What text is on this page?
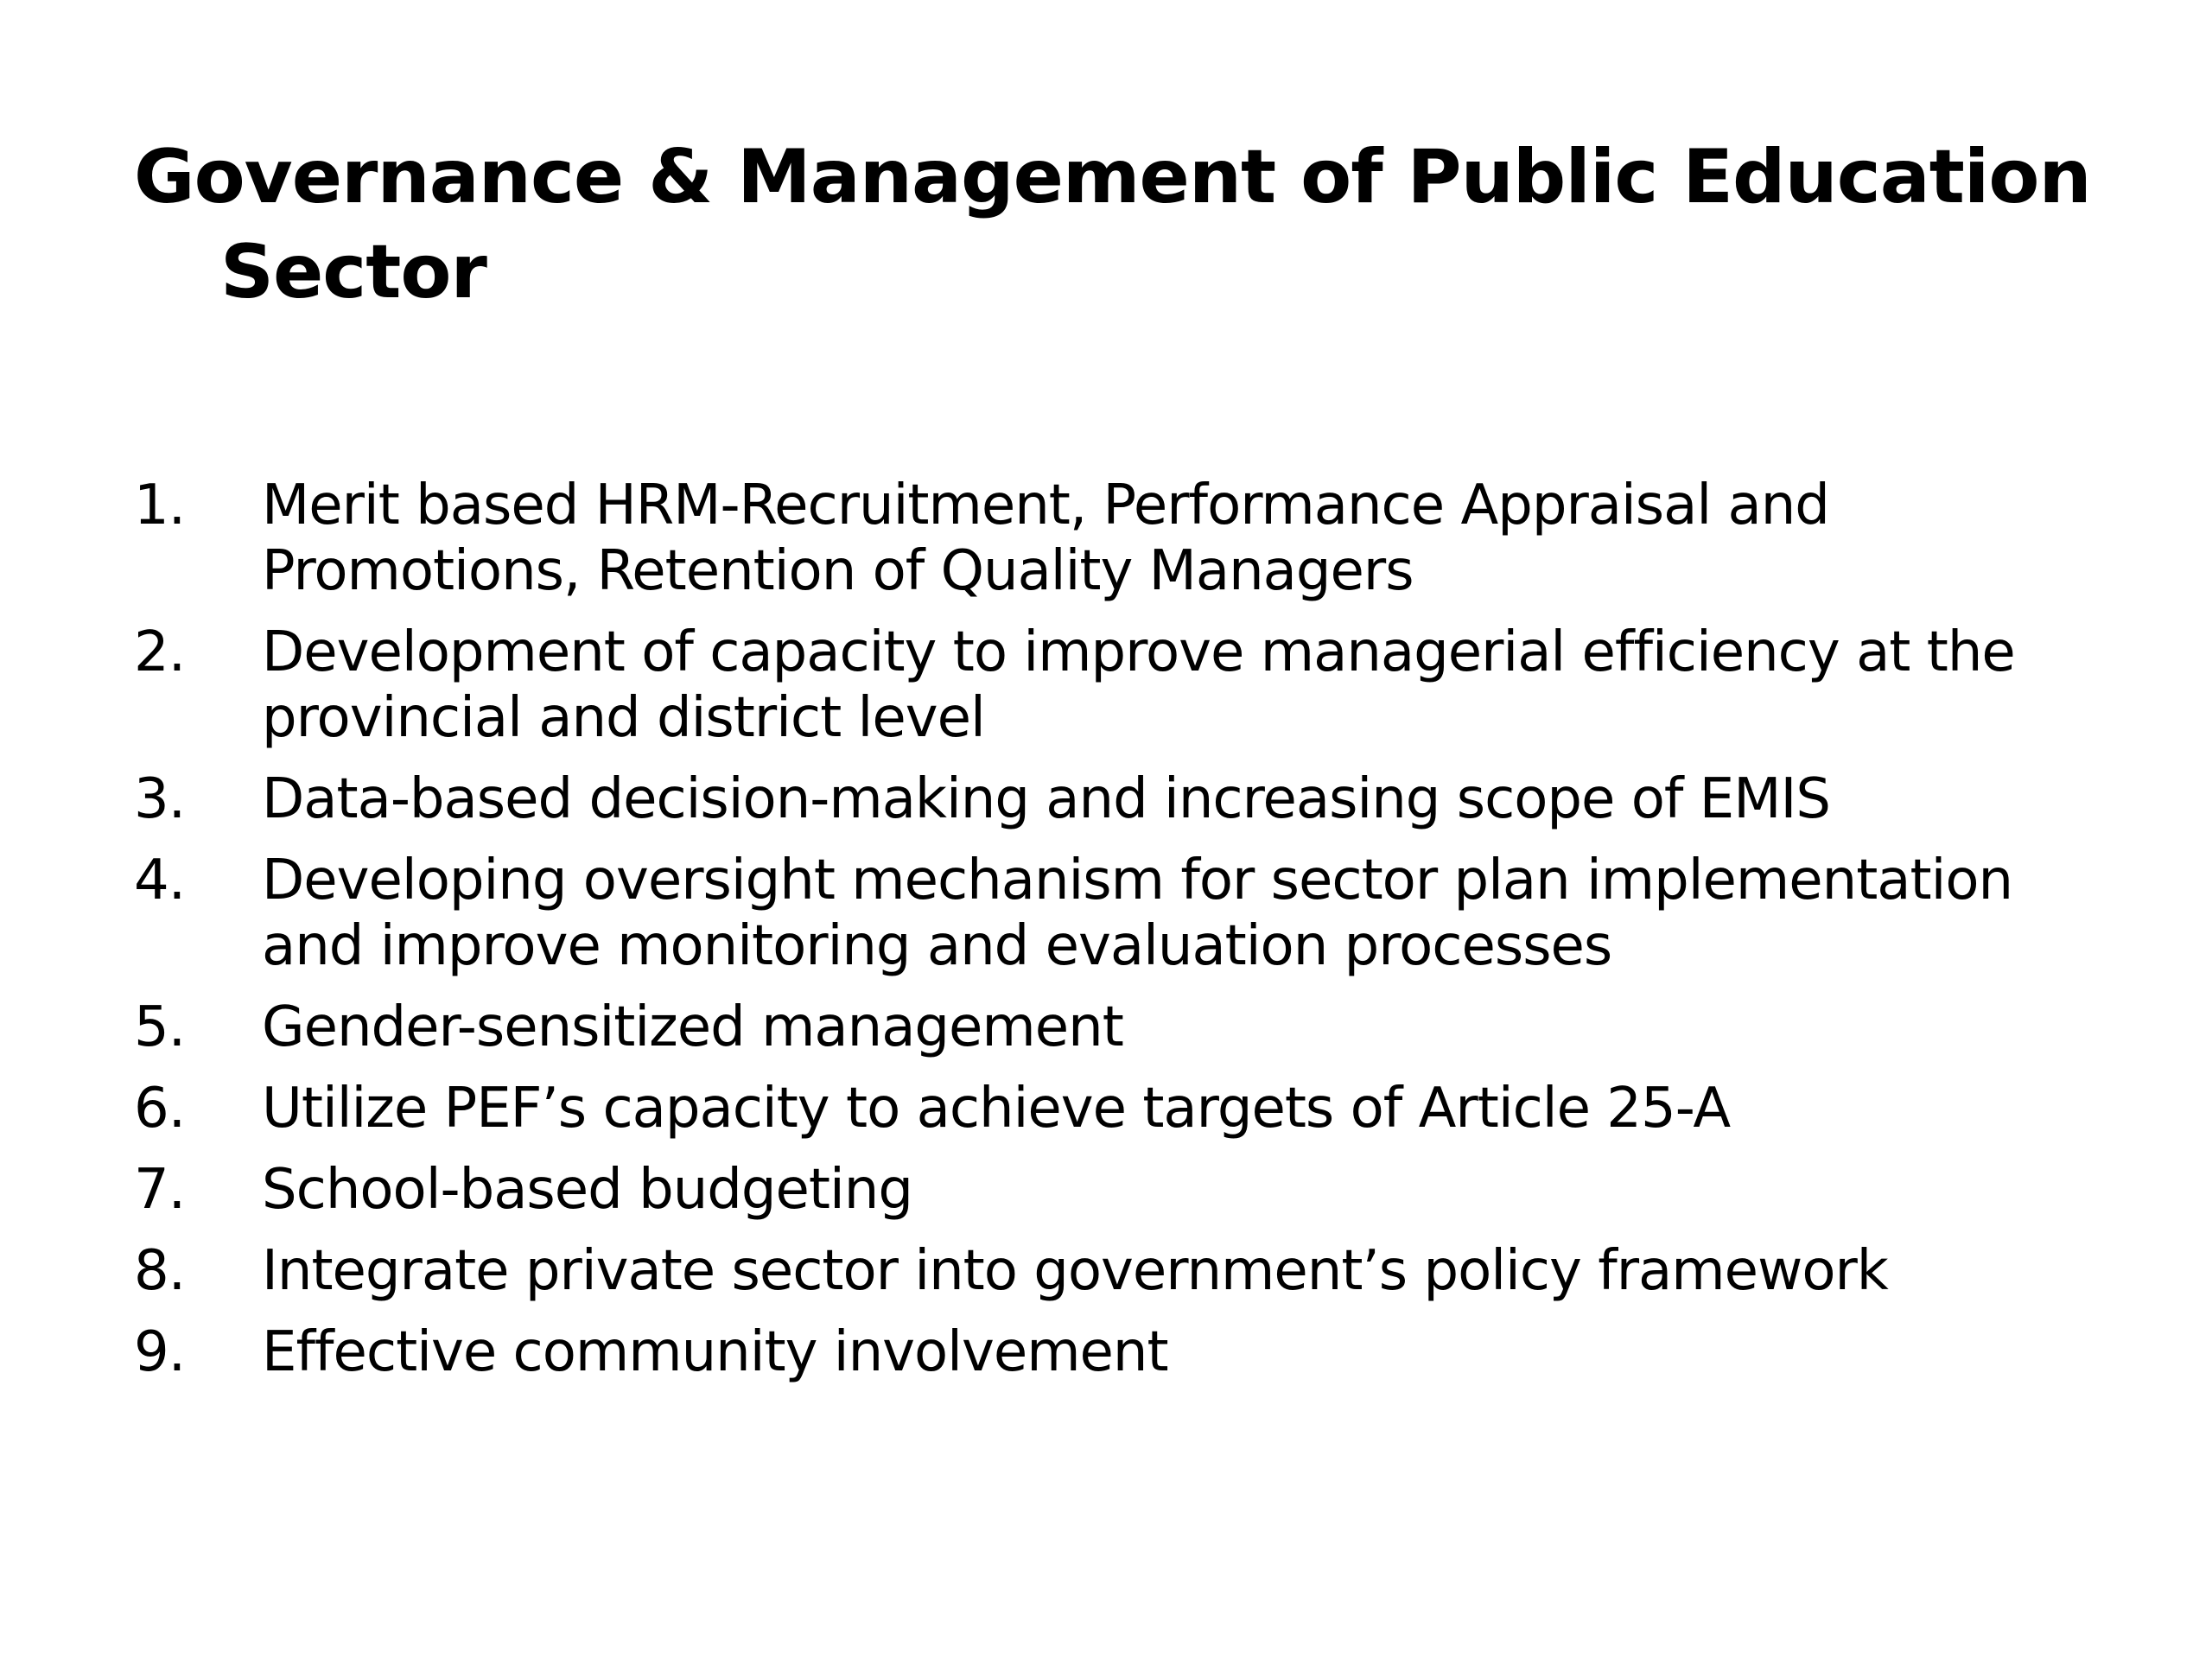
Governance & Management of Public Education Sector
1. Merit based HRM-Recruitment, Performance Appraisal and Promotions, Retention of Quality Managers
2. Development of capacity to improve managerial efficiency at the provincial and district level
3. Data-based decision-making and increasing scope of EMIS
4. Developing oversight mechanism for sector plan implementation and improve monitoring and evaluation processes
5. Gender-sensitized management
6. Utilize PEF’s capacity to achieve targets of Article 25-A
7. School-based budgeting
8. Integrate private sector into government’s policy framework
9. Effective community involvement
